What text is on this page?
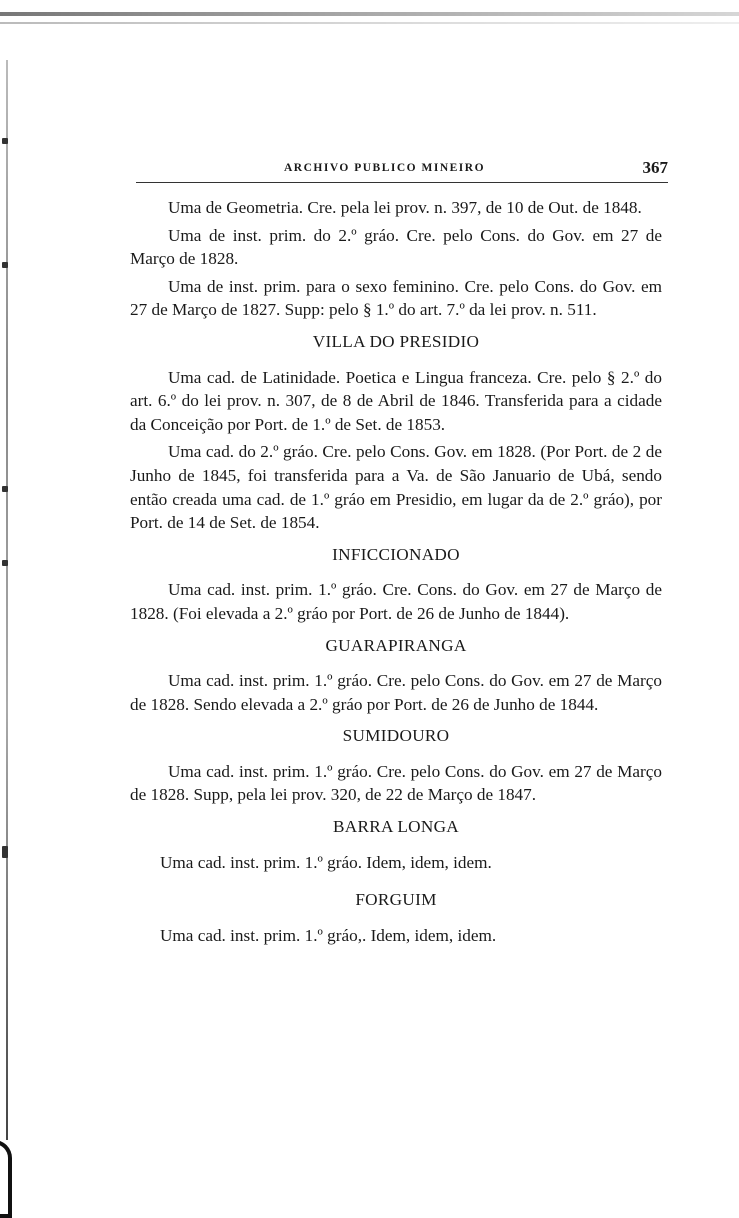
ARCHIVO PUBLICO MINEIRO	367

Uma de Geometria. Cre. pela lei prov. n. 397, de 10 de Out. de 1848.

Uma de inst. prim. do 2.º gráo. Cre. pelo Cons. do Gov. em 27 de Março de 1828.

Uma de inst. prim. para o sexo feminino. Cre. pelo Cons. do Gov. em 27 de Março de 1827. Supp: pelo § 1.º do art. 7.º da lei prov. n. 511.

VILLA DO PRESIDIO

Uma cad. de Latinidade. Poetica e Lingua franceza. Cre. pelo § 2.º do art. 6.º do lei prov. n. 307, de 8 de Abril de 1846. Transferida para a cidade da Conceição por Port. de 1.º de Set. de 1853.

Uma cad. do 2.º gráo. Cre. pelo Cons. Gov. em 1828. (Por Port. de 2 de Junho de 1845, foi transferida para a Va. de São Januario de Ubá, sendo então creada uma cad. de 1.º gráo em Presidio, em lugar da de 2.º gráo), por Port. de 14 de Set. de 1854.

INFICCIONADO

Uma cad. inst. prim. 1.º gráo. Cre. Cons. do Gov. em 27 de Março de 1828. (Foi elevada a 2.º gráo por Port. de 26 de Junho de 1844).

GUARAPIRANGA

Uma cad. inst. prim. 1.º gráo. Cre. pelo Cons. do Gov. em 27 de Março de 1828. Sendo elevada a 2.º gráo por Port. de 26 de Junho de 1844.

SUMIDOURO

Uma cad. inst. prim. 1.º gráo. Cre. pelo Cons. do Gov. em 27 de Março de 1828. Supp, pela lei prov. 320, de 22 de Março de 1847.

BARRA LONGA

Uma cad. inst. prim. 1.º gráo. Idem, idem, idem.

FORGUIM

Uma cad. inst. prim. 1.º gráo,. Idem, idem, idem.
